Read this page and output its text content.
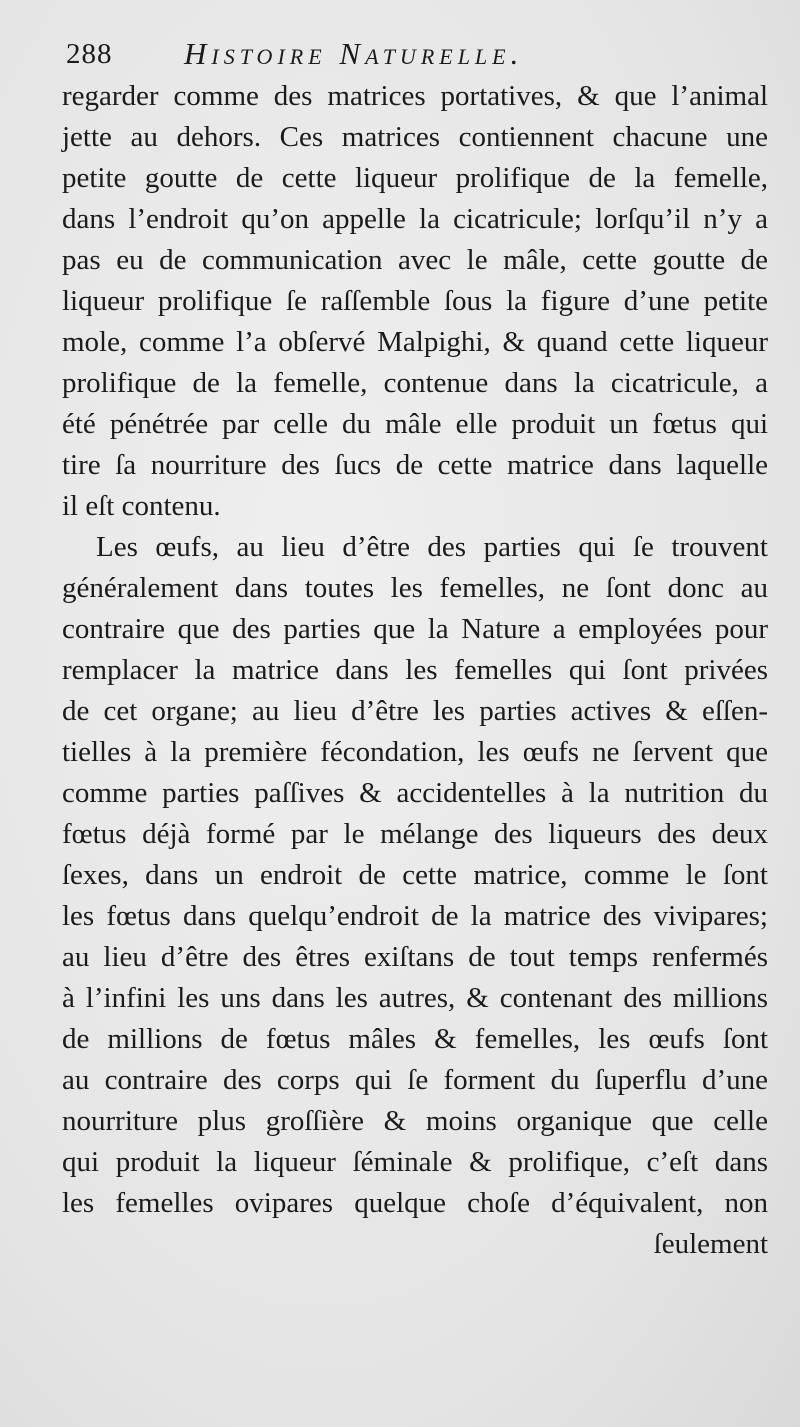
288 Histoire Naturelle.
regarder comme des matrices portatives, & que l’animal
jette au dehors. Ces matrices contiennent chacune une
petite goutte de cette liqueur prolifique de la femelle,
dans l’endroit qu’on appelle la cicatricule; lorſqu’il n’y a
pas eu de communication avec le mâle, cette goutte de
liqueur prolifique ſe raſſemble ſous la figure d’une petite
mole, comme l’a obſervé Malpighi, & quand cette liqueur
prolifique de la femelle, contenue dans la cicatricule, a
été pénétrée par celle du mâle elle produit un fœtus qui
tire ſa nourriture des ſucs de cette matrice dans laquelle
il eſt contenu.
Les œufs, au lieu d’être des parties qui ſe trouvent
généralement dans toutes les femelles, ne ſont donc au
contraire que des parties que la Nature a employées pour
remplacer la matrice dans les femelles qui ſont privées
de cet organe; au lieu d’être les parties actives & eſſen-
tielles à la première fécondation, les œufs ne ſervent que
comme parties paſſives & accidentelles à la nutrition du
fœtus déjà formé par le mélange des liqueurs des deux
ſexes, dans un endroit de cette matrice, comme le ſont
les fœtus dans quelqu’endroit de la matrice des vivipares;
au lieu d’être des êtres exiſtans de tout temps renfermés
à l’infini les uns dans les autres, & contenant des millions
de millions de fœtus mâles & femelles, les œufs ſont
au contraire des corps qui ſe forment du ſuperflu d’une
nourriture plus groſſière & moins organique que celle
qui produit la liqueur ſéminale & prolifique, c’eſt dans
les femelles ovipares quelque choſe d’équivalent, non
ſeulement
